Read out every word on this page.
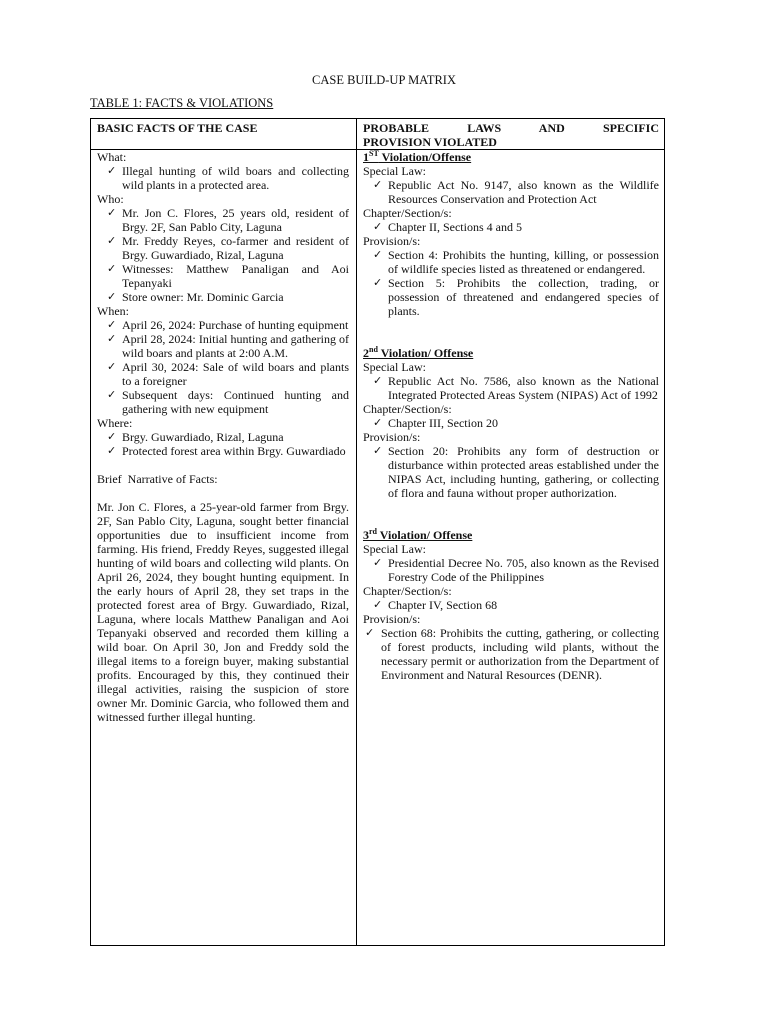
CASE BUILD-UP MATRIX
TABLE 1: FACTS & VIOLATIONS
BASIC FACTS OF THE CASE	PROBABLE LAWS AND SPECIFIC
PROVISION VIOLATED

What:

✓ Illegal hunting of wild boars and collecting wild plants in a protected area.

Who:

✓ Mr. Jon C. Flores, 25 years old, resident of Brgy. 2F, San Pablo City, Laguna
✓ Mr. Freddy Reyes, co-farmer and resident of Brgy. Guwardiado, Rizal, Laguna
✓ Witnesses: Matthew Panaligan and Aoi Tepanyaki
✓ Store owner: Mr. Dominic Garcia

When:

✓ April 26, 2024: Purchase of hunting equipment
✓ April 28, 2024: Initial hunting and gathering of wild boars and plants at 2:00 A.M.
✓ April 30, 2024: Sale of wild boars and plants to a foreigner
✓ Subsequent days: Continued hunting and gathering with new equipment

Where:

✓ Brgy. Guwardiado, Rizal, Laguna
✓ Protected forest area within Brgy. Guwardiado

Brief  Narrative of Facts:

Mr. Jon C. Flores, a 25-year-old farmer from Brgy. 2F, San Pablo City, Laguna, sought better financial opportunities due to insufficient income from farming. His friend, Freddy Reyes, suggested illegal hunting of wild boars and collecting wild plants. On April 26, 2024, they bought hunting equipment. In the early hours of April 28, they set traps in the protected forest area of Brgy. Guwardiado, Rizal, Laguna, where locals Matthew Panaligan and Aoi Tepanyaki observed and recorded them killing a wild boar. On April 30, Jon and Freddy sold the illegal items to a foreign buyer, making substantial profits. Encouraged by this, they continued their illegal activities, raising the suspicion of store owner Mr. Dominic Garcia, who followed them and witnessed further illegal hunting.

1ST Violation/Offense

Special Law:

✓ Republic Act No. 9147, also known as the Wildlife Resources Conservation and Protection Act

Chapter/Section/s:

✓ Chapter II, Sections 4 and 5

Provision/s:

✓ Section 4: Prohibits the hunting, killing, or possession of wildlife species listed as threatened or endangered.
✓ Section 5: Prohibits the collection, trading, or possession of threatened and endangered species of plants.

2nd Violation/ Offense

Special Law:

✓ Republic Act No. 7586, also known as the National Integrated Protected Areas System (NIPAS) Act of 1992

Chapter/Section/s:

✓ Chapter III, Section 20

Provision/s:

✓ Section 20: Prohibits any form of destruction or disturbance within protected areas established under the NIPAS Act, including hunting, gathering, or collecting of flora and fauna without proper authorization.

3rd Violation/ Offense

Special Law:

✓ Presidential Decree No. 705, also known as the Revised Forestry Code of the Philippines

Chapter/Section/s:

✓ Chapter IV, Section 68

Provision/s:

✓ Section 68: Prohibits the cutting, gathering, or collecting of forest products, including wild plants, without the necessary permit or authorization from the Department of Environment and Natural Resources (DENR).
